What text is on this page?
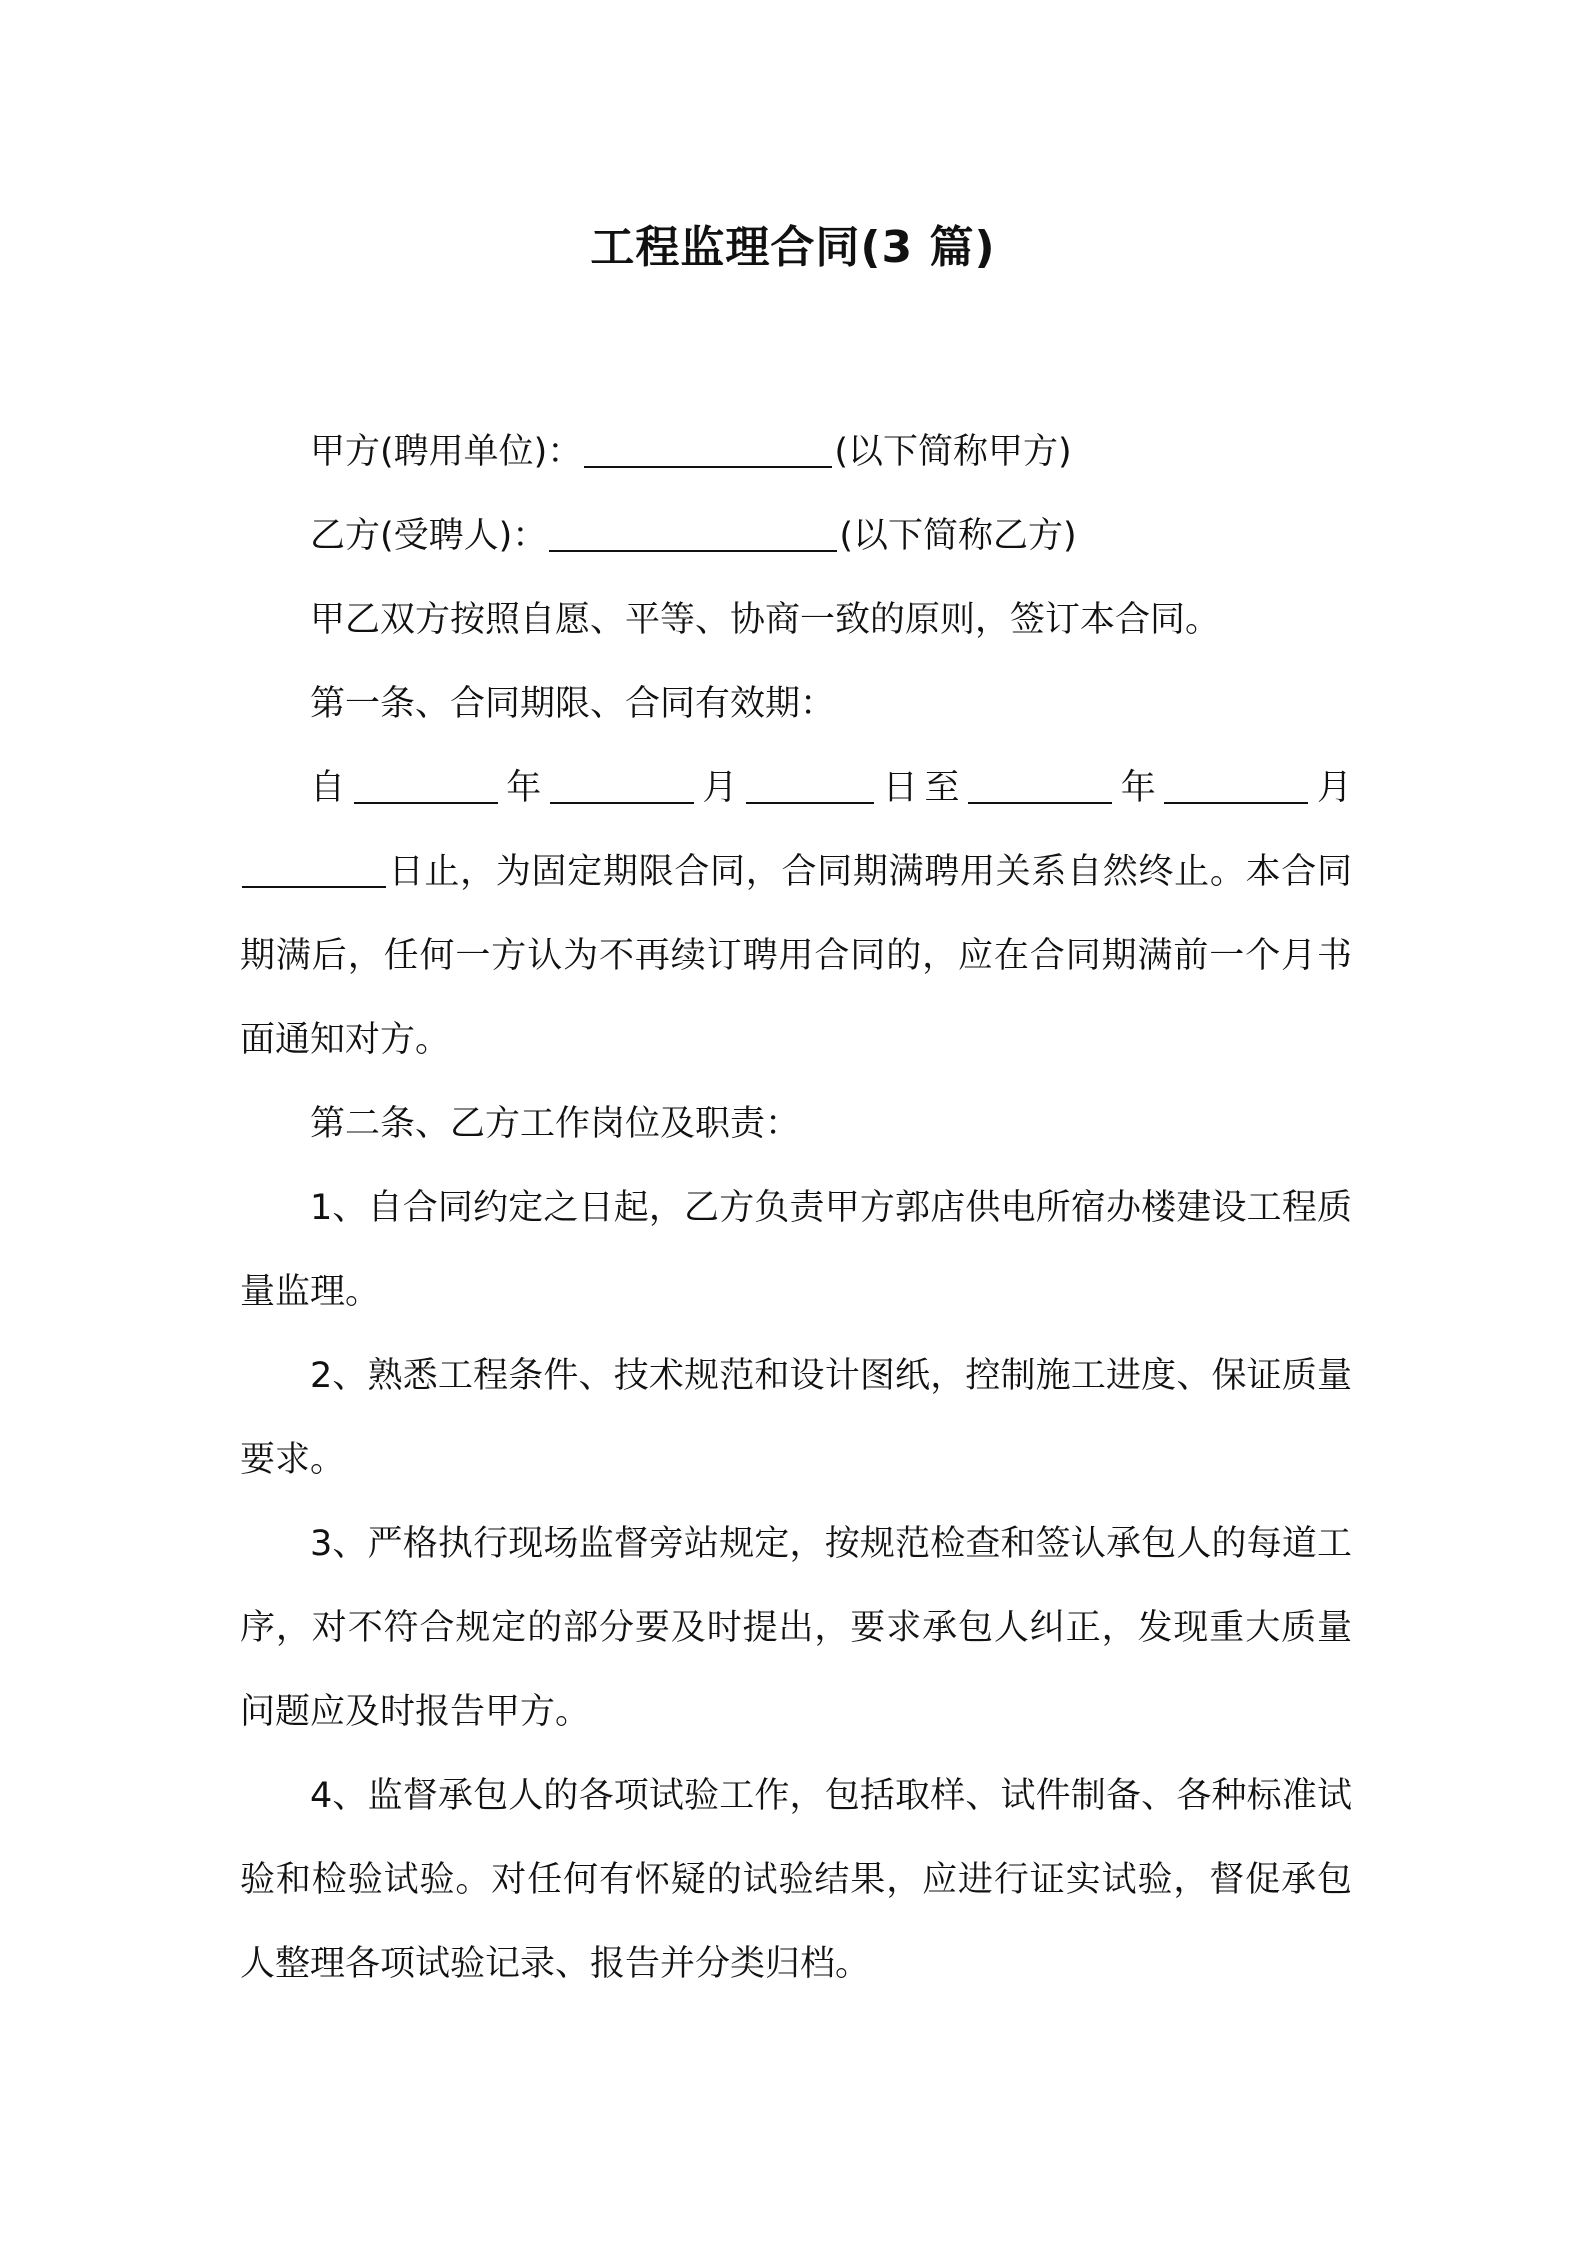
工程监理合同(3 篇)

甲方(聘用单位)：	(以下简称甲方)

乙方(受聘人)：	(以下简称乙方)

甲乙双方按照自愿、平等、协商一致的原则，签订本合同。

第一条、合同期限、合同有效期：

自	年	月	日至	年	月日止，为固定期限合同，合同期满聘用关系自然终止。本合同期满后，任何一方认为不再续订聘用合同的，应在合同期满前一个月书面通知对方。

第二条、乙方工作岗位及职责：

1、自合同约定之日起，乙方负责甲方郭店供电所宿办楼建设工程质量监理。

2、熟悉工程条件、技术规范和设计图纸，控制施工进度、保证质量要求。

3、严格执行现场监督旁站规定，按规范检查和签认承包人的每道工序，对不符合规定的部分要及时提出，要求承包人纠正，发现重大质量问题应及时报告甲方。

4、监督承包人的各项试验工作，包括取样、试件制备、各种标准试验和检验试验。对任何有怀疑的试验结果，应进行证实试验，督促承包人整理各项试验记录、报告并分类归档。
